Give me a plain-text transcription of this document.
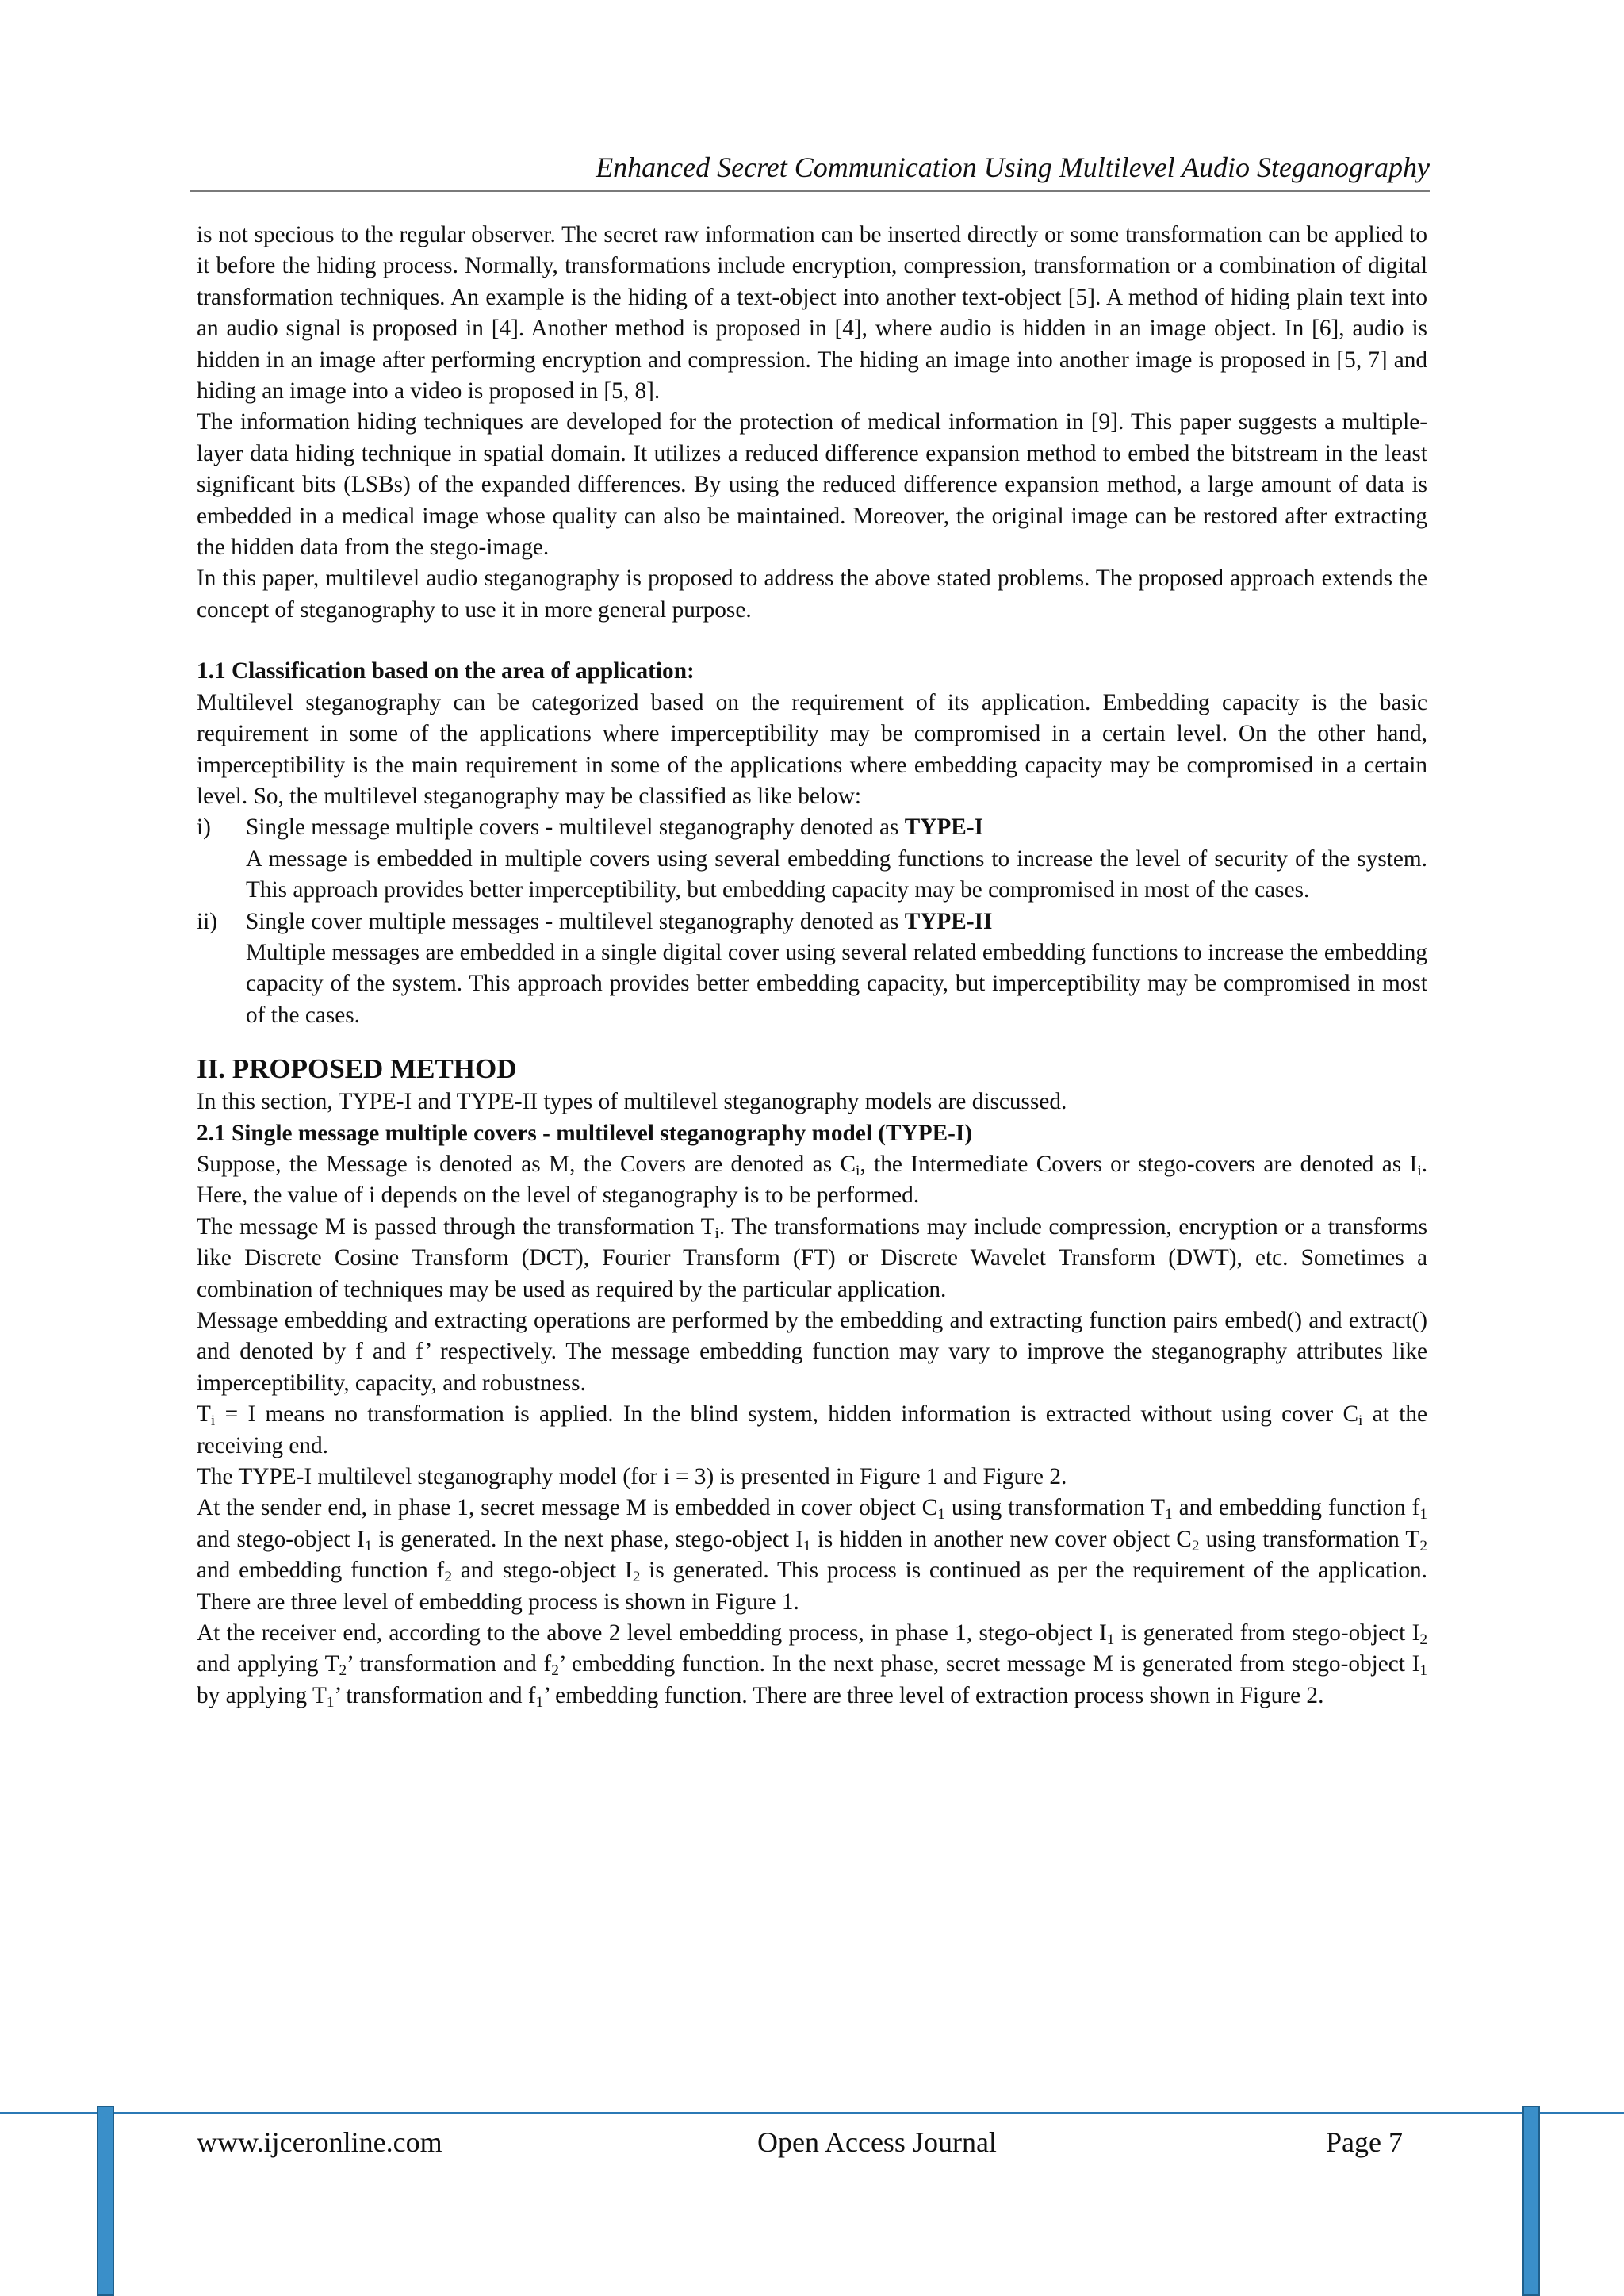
Enhanced Secret Communication Using Multilevel Audio Steganography

is not specious to the regular observer. The secret raw information can be inserted directly or some transformation can be applied to it before the hiding process. Normally, transformations include encryption, compression, transformation or a combination of digital transformation techniques. An example is the hiding of a text-object into another text-object [5]. A method of hiding plain text into an audio signal is proposed in [4]. Another method is proposed in [4], where audio is hidden in an image object. In [6], audio is hidden in an image after performing encryption and compression. The hiding an image into another image is proposed in [5, 7] and hiding an image into a video is proposed in [5, 8].

The information hiding techniques are developed for the protection of medical information in [9]. This paper suggests a multiple-layer data hiding technique in spatial domain. It utilizes a reduced difference expansion method to embed the bitstream in the least significant bits (LSBs) of the expanded differences. By using the reduced difference expansion method, a large amount of data is embedded in a medical image whose quality can also be maintained. Moreover, the original image can be restored after extracting the hidden data from the stego-image.

In this paper, multilevel audio steganography is proposed to address the above stated problems. The proposed approach extends the concept of steganography to use it in more general purpose.

1.1 Classification based on the area of application:

Multilevel steganography can be categorized based on the requirement of its application. Embedding capacity is the basic requirement in some of the applications where imperceptibility may be compromised in a certain level. On the other hand, imperceptibility is the main requirement in some of the applications where embedding capacity may be compromised in a certain level. So, the multilevel steganography may be classified as like below:

i)	Single message multiple covers - multilevel steganography denoted as TYPE-I

A message is embedded in multiple covers using several embedding functions to increase the level of security of the system. This approach provides better imperceptibility, but embedding capacity may be compromised in most of the cases.

ii)	Single cover multiple messages - multilevel steganography denoted as TYPE-II

Multiple messages are embedded in a single digital cover using several related embedding functions to increase the embedding capacity of the system. This approach provides better embedding capacity, but imperceptibility may be compromised in most of the cases.

II. PROPOSED METHOD

In this section, TYPE-I and TYPE-II types of multilevel steganography models are discussed.

2.1 Single message multiple covers - multilevel steganography model (TYPE-I)

Suppose, the Message is denoted as M, the Covers are denoted as $C_i$, the Intermediate Covers or stego-covers are denoted as $I_i$. Here, the value of i depends on the level of steganography is to be performed.

The message M is passed through the transformation $T_i$. The transformations may include compression, encryption or a transforms like Discrete Cosine Transform (DCT), Fourier Transform (FT) or Discrete Wavelet Transform (DWT), etc. Sometimes a combination of techniques may be used as required by the particular application.

Message embedding and extracting operations are performed by the embedding and extracting function pairs embed() and extract() and denoted by f and f’ respectively. The message embedding function may vary to improve the steganography attributes like imperceptibility, capacity, and robustness.

$T_i = I$ means no transformation is applied. In the blind system, hidden information is extracted without using cover $C_i$ at the receiving end.

The TYPE-I multilevel steganography model (for i = 3) is presented in Figure 1 and Figure 2.

At the sender end, in phase 1, secret message M is embedded in cover object $C_1$ using transformation $T_1$ and embedding function $f_1$ and stego-object $I_1$ is generated. In the next phase, stego-object $I_1$ is hidden in another new cover object $C_2$ using transformation $T_2$ and embedding function $f_2$ and stego-object $I_2$ is generated. This process is continued as per the requirement of the application. There are three level of embedding process is shown in Figure 1.

At the receiver end, according to the above 2 level embedding process, in phase 1, stego-object $I_1$ is generated from stego-object $I_2$ and applying $T_2$’ transformation and $f_2$’ embedding function. In the next phase, secret message M is generated from stego-object $I_1$ by applying $T_1$’ transformation and $f_1$’ embedding function. There are three level of extraction process shown in Figure 2.

www.ijceronline.com	Open Access Journal	Page 7
